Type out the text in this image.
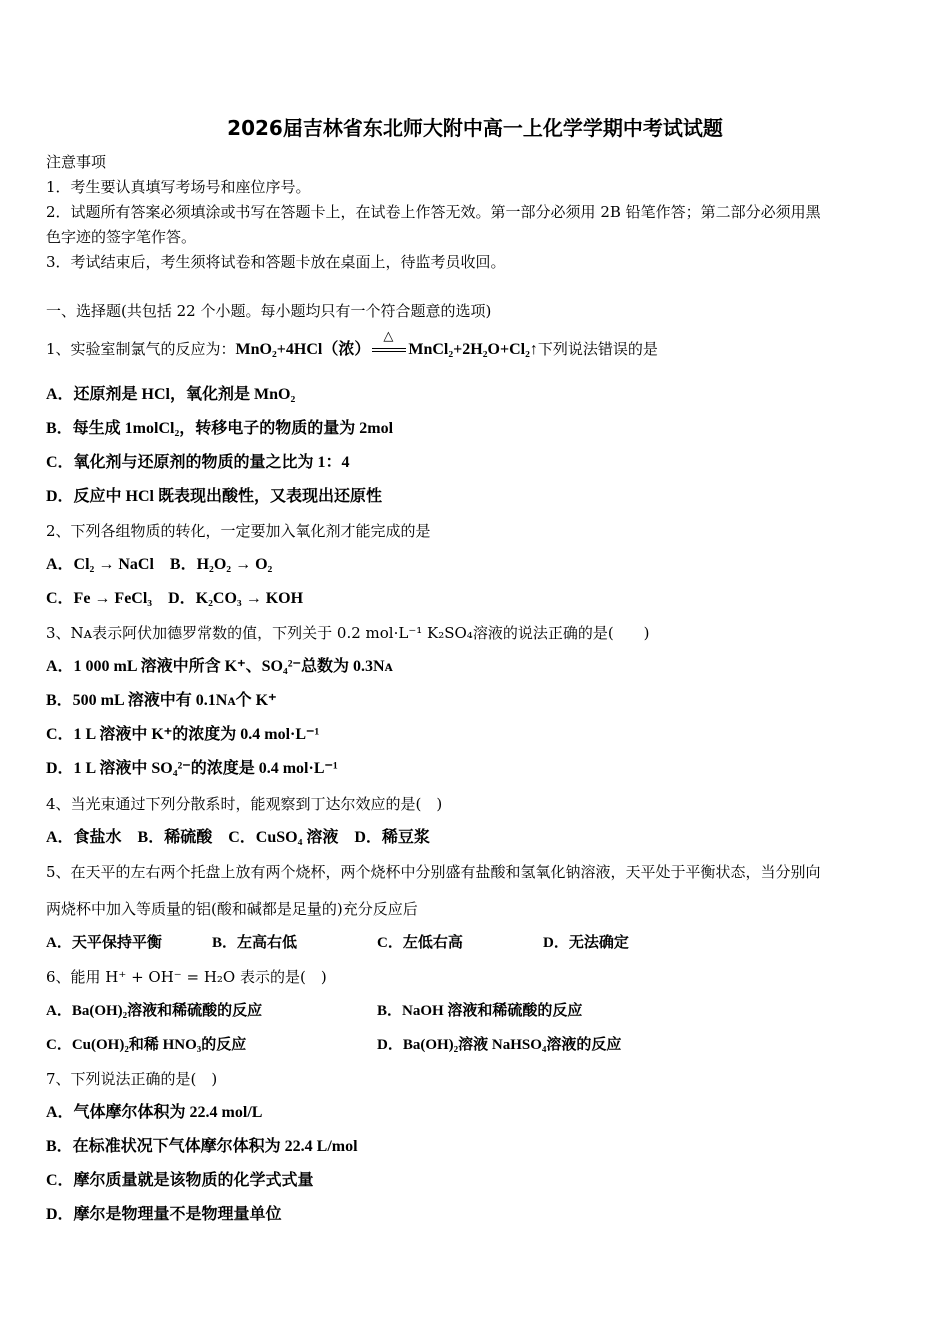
2026届吉林省东北师大附中高一上化学学期中考试试题
注意事项
1．考生要认真填写考场号和座位序号。
2．试题所有答案必须填涂或书写在答题卡上，在试卷上作答无效。第一部分必须用 2B 铅笔作答；第二部分必须用黑
色字迹的签字笔作答。
3．考试结束后，考生须将试卷和答题卡放在桌面上，待监考员收回。
一、选择题(共包括 22 个小题。每小题均只有一个符合题意的选项)
1、实验室制氯气的反应为：MnO₂+4HCl（浓）
△
MnCl₂+2H₂O+Cl₂↑下列说法错误的是
A．还原剂是 HCl，氧化剂是 MnO₂
B．每生成 1molCl₂，转移电子的物质的量为 2mol
C．氧化剂与还原剂的物质的量之比为 1：4
D．反应中 HCl 既表现出酸性，又表现出还原性
2、下列各组物质的转化，一定要加入氧化剂才能完成的是
A．Cl₂ → NaCl　B．H₂O₂ → O₂
C．Fe → FeCl₃　D．K₂CO₃ → KOH
3、Nᴀ表示阿伏加德罗常数的值，下列关于 0.2 mol·L⁻¹ K₂SO₄溶液的说法正确的是(　　)
A．1 000 mL 溶液中所含 K⁺、SO₄²⁻总数为 0.3Nᴀ
B．500 mL 溶液中有 0.1Nᴀ个 K⁺
C．1 L 溶液中 K⁺的浓度为 0.4 mol·L⁻¹
D．1 L 溶液中 SO₄²⁻的浓度是 0.4 mol·L⁻¹
4、当光束通过下列分散系时，能观察到丁达尔效应的是(　)
A．食盐水　B．稀硫酸　C．CuSO₄ 溶液　D．稀豆浆
5、在天平的左右两个托盘上放有两个烧杯，两个烧杯中分别盛有盐酸和氢氧化钠溶液，天平处于平衡状态，当分别向
两烧杯中加入等质量的铝(酸和碱都是足量的)充分反应后
A．天平保持平衡	B．左高右低	C．左低右高	D．无法确定
6、能用 H⁺ + OH⁻ = H₂O 表示的是(　)
A．Ba(OH)₂溶液和稀硫酸的反应	B．NaOH 溶液和稀硫酸的反应
C．Cu(OH)₂和稀 HNO₃的反应	D．Ba(OH)₂溶液 NaHSO₄溶液的反应
7、下列说法正确的是(　)
A．气体摩尔体积为 22.4 mol/L
B．在标准状况下气体摩尔体积为 22.4 L/mol
C．摩尔质量就是该物质的化学式式量
D．摩尔是物理量不是物理量单位
